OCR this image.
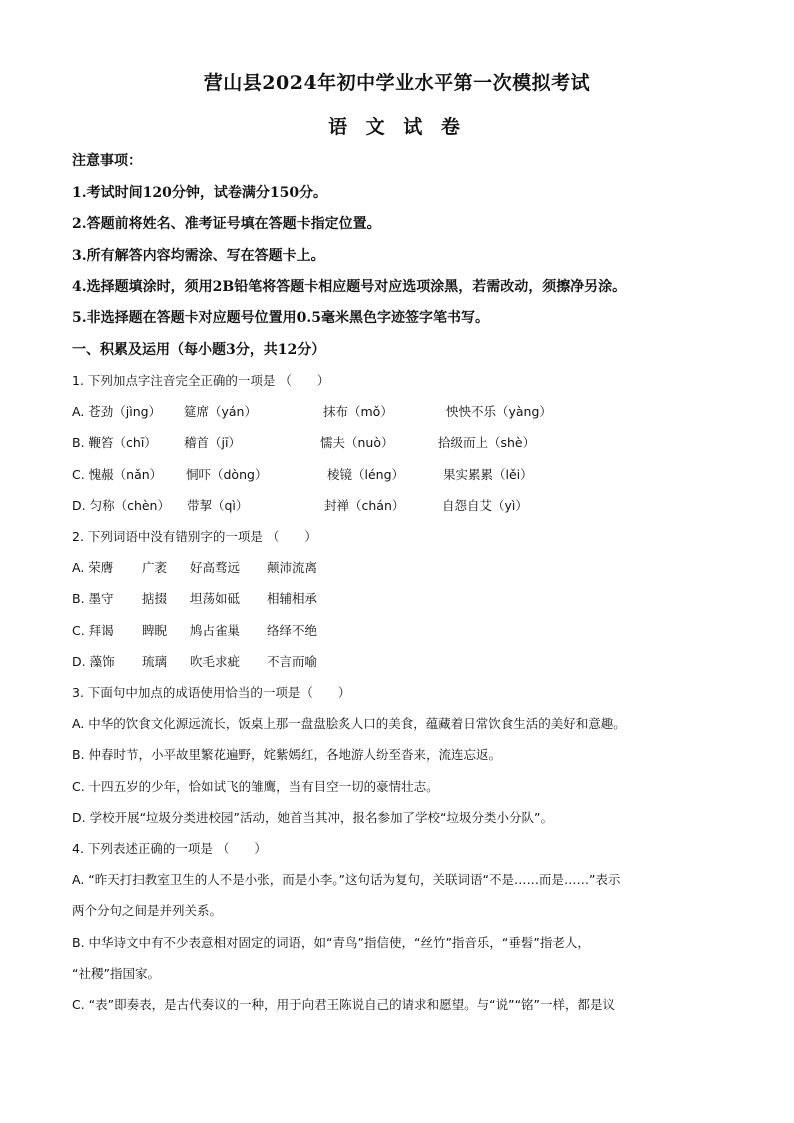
营山县2024年初中学业水平第一次模拟考试
语 文 试 卷
注意事项：
1.考试时间120分钟，试卷满分150分。
2.答题前将姓名、准考证号填在答题卡指定位置。
3.所有解答内容均需涂、写在答题卡上。
4.选择题填涂时，须用2B铅笔将答题卡相应题号对应选项涂黑，若需改动，须擦净另涂。
5.非选择题在答题卡对应题号位置用0.5毫米黑色字迹签字笔书写。
一、积累及运用（每小题3分，共12分）
1. 下列加点字注音完全正确的一项是 （　　）
A. 苍劲（jìng） 筵席（yán）	抹布（mǒ）	怏怏不乐（yàng）
B. 鞭笞（chī） 稽首（jī）	懦夫（nuò）	拾级而上（shè）
C. 愧赧（nǎn） 恫吓（dòng）	棱镜（léng）	果实累累（lěi）
D. 匀称（chèn） 带挈（qì）	封禅（chán）	自怨自艾（yì）
2. 下列词语中没有错别字的一项是 （　　）
A. 荣膺 广袤 好高骛远 颠沛流离
B. 墨守 掂掇 坦荡如砥 相辅相承
C. 拜谒 睥睨 鸠占雀巢 络绎不绝
D. 藻饰 琉璃 吹毛求疵 不言而喻
3. 下面句中加点的成语使用恰当的一项是（　　）
A. 中华的饮食文化源远流长，饭桌上那一盘盘脍炙人口的美食，蕴藏着日常饮食生活的美好和意趣。
B. 仲春时节，小平故里繁花遍野，姹紫嫣红，各地游人纷至沓来，流连忘返。
C. 十四五岁的少年，恰如试飞的雏鹰，当有目空一切的豪情壮志。
D. 学校开展“垃圾分类进校园”活动，她首当其冲，报名参加了学校“垃圾分类小分队”。
4. 下列表述正确的一项是 （　　）
A. “昨天打扫教室卫生的人不是小张，而是小李。”这句话为复句，关联词语“不是……而是……”表示
两个分句之间是并列关系。
B. 中华诗文中有不少表意相对固定的词语，如“青鸟”指信使，“丝竹”指音乐，“垂髫”指老人，
“社稷”指国家。
C. “表”即奏表，是古代奏议的一种，用于向君王陈说自己的请求和愿望。与“说”“铭”一样，都是议
